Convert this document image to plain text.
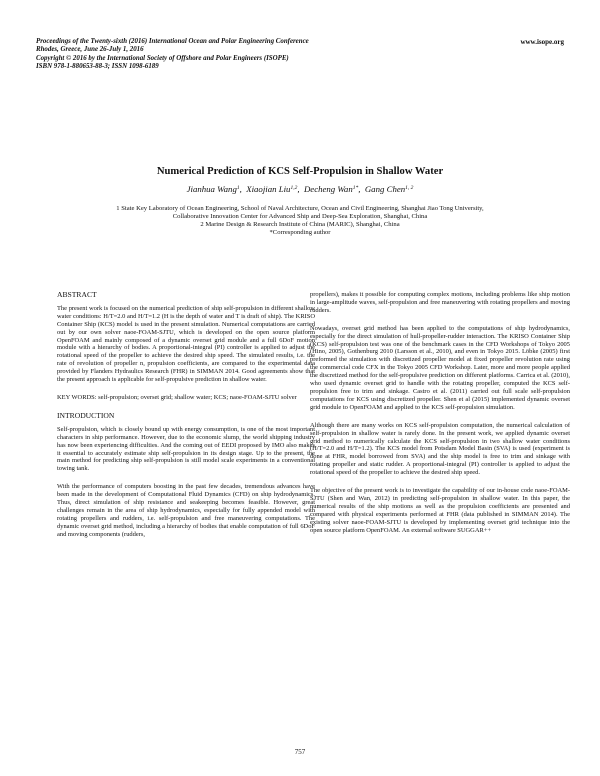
Proceedings of the Twenty-sixth (2016) International Ocean and Polar Engineering Conference
Rhodes, Greece, June 26-July 1, 2016
Copyright © 2016 by the International Society of Offshore and Polar Engineers (ISOPE)
ISBN 978-1-880653-88-3; ISSN 1098-6189
www.isope.org
Numerical Prediction of KCS Self-Propulsion in Shallow Water
Jianhua Wang$^1$,  Xiaojian Liu$^{1,2}$,  Decheng Wan$^{1*}$,  Gang Chen$^{1, 2}$
1 State Key Laboratory of Ocean Engineering, School of Naval Architecture, Ocean and Civil Engineering, Shanghai Jiao Tong University,
Collaborative Innovation Center for Advanced Ship and Deep-Sea Exploration, Shanghai, China
2 Marine Design & Research Institute of China (MARIC), Shanghai, China
*Corresponding author
ABSTRACT

The present work is focused on the numerical prediction of ship self-propulsion in different shallow water conditions: H/T=2.0 and H/T=1.2 (H is the depth of water and T is draft of ship). The KRISO Container Ship (KCS) model is used in the present simulation. Numerical computations are carried out by our own solver naoe-FOAM-SJTU, which is developed on the open source platform OpenFOAM and mainly composed of a dynamic overset grid module and a full 6DoF motion module with a hierarchy of bodies. A proportional-integral (PI) controller is applied to adjust the rotational speed of the propeller to achieve the desired ship speed. The simulated results, i.e. the rate of revolution of propeller n, propulsion coefficients, are compared to the experimental data provided by Flanders Hydraulics Research (FHR) in SIMMAN 2014. Good agreements show that the present approach is applicable for self-propulsive prediction in shallow water.

KEY WORDS: self-propulsion; overset grid; shallow water; KCS; naoe-FOAM-SJTU solver

INTRODUCTION

Self-propulsion, which is closely bound up with energy consumption, is one of the most important characters in ship performance. However, due to the economic slump, the world shipping industry has now been experiencing difficulties. And the coming out of EEDI proposed by IMO also makes it essential to accurately estimate ship self-propulsion in its design stage. Up to the present, the main method for predicting ship self-propulsion is still model scale experiments in a conventional towing tank.

With the performance of computers boosting in the past few decades, tremendous advances have been made in the development of Computational Fluid Dynamics (CFD) on ship hydrodynamics. Thus, direct simulation of ship resistance and seakeeping becomes feasible. However, great challenges remain in the area of ship hydrodynamics, especially for fully appended model with rotating propellers and rudders, i.e. self-propulsion and free maneuvering computations. The dynamic overset grid method, including a hierarchy of bodies that enable computation of full 6DoF and moving components (rudders,

propellers), makes it possible for computing complex motions, including problems like ship motion in large-amplitude waves, self-propulsion and free maneuvering with rotating propellers and moving rudders.

Nowadays, overset grid method has been applied to the computations of ship hydrodynamics, especially for the direct simulation of hull-propeller-rudder interaction. The KRISO Container Ship (KCS) self-propulsion test was one of the benchmark cases in the CFD Workshops of Tokyo 2005 (Hino, 2005), Gothenburg 2010 (Larsson et al., 2010), and even in Tokyo 2015. Löbke (2005) first preformed the simulation with discretized propeller model at fixed propeller revolution rate using the commercial code CFX in the Tokyo 2005 CFD Workshop. Later, more and more people applied the discretized method for the self-propulsive prediction on different platforms. Carrica et al. (2010), who used dynamic overset grid to handle with the rotating propeller, computed the KCS self-propulsion free to trim and sinkage. Castro et al. (2011) carried out full scale self-propulsion computations for KCS using discretized propeller. Shen et al (2015) implemented dynamic overset grid module to OpenFOAM and applied to the KCS self-propulsion simulation.

Although there are many works on KCS self-propulsion computation, the numerical calculation of self-propulsion in shallow water is rarely done. In the present work, we applied dynamic overset grid method to numerically calculate the KCS self-propulsion in two shallow water conditions (H/T=2.0 and H/T=1.2). The KCS model from Potsdam Model Basin (SVA) is used (experiment is done at FHR, model borrowed from SVA) and the ship model is free to trim and sinkage with rotating propeller and static rudder. A proportional-integral (PI) controller is applied to adjust the rotational speed of the propeller to achieve the desired ship speed.

The objective of the present work is to investigate the capability of our in-house code naoe-FOAM-SJTU (Shen and Wan, 2012) in predicting self-propulsion in shallow water. In this paper, the numerical results of the ship motions as well as the propulsion coefficients are presented and compared with physical experiments performed at FHR (data published in SIMMAN 2014). The existing solver naoe-FOAM-SJTU is developed by implementing overset grid technique into the open source platform OpenFOAM. An external software SUGGAR++

757
